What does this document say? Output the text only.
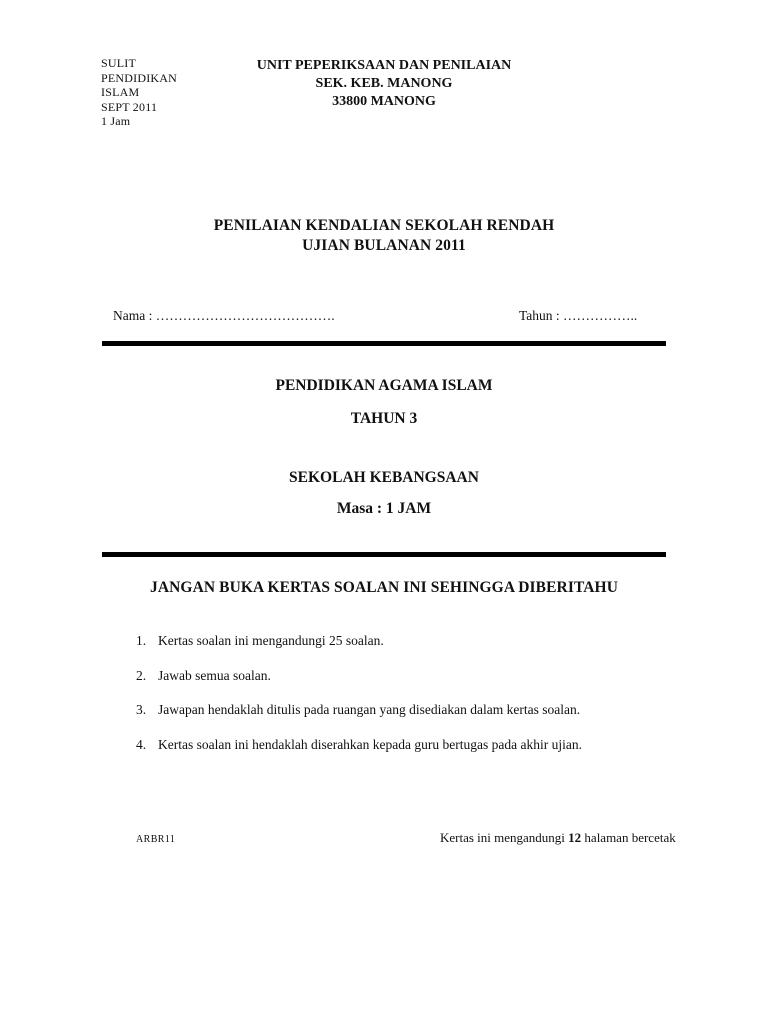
SULIT
PENDIDIKAN
ISLAM
SEPT 2011
1 Jam
UNIT PEPERIKSAAN DAN PENILAIAN
SEK. KEB. MANONG
33800 MANONG
PENILAIAN KENDALIAN SEKOLAH RENDAH
UJIAN BULANAN 2011
Nama : ………………………………….	Tahun : ……………..
PENDIDIKAN AGAMA ISLAM
TAHUN 3
SEKOLAH KEBANGSAAN
Masa : 1 JAM
JANGAN BUKA KERTAS SOALAN INI SEHINGGA DIBERITAHU
1. Kertas soalan ini mengandungi 25 soalan.
2. Jawab semua soalan.
3. Jawapan hendaklah ditulis pada ruangan yang disediakan dalam kertas soalan.
4. Kertas soalan ini hendaklah diserahkan kepada guru bertugas pada akhir ujian.
ARBR11	Kertas ini mengandungi 12 halaman bercetak
